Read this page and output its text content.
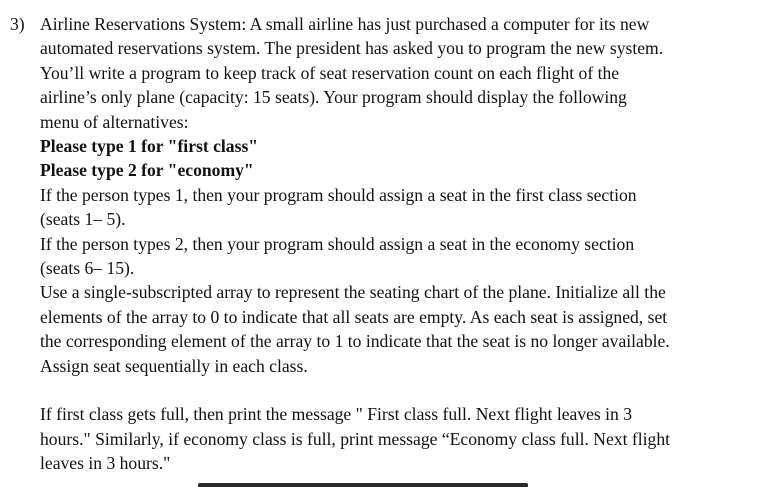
3) Airline Reservations System: A small airline has just purchased a computer for its new
automated reservations system. The president has asked you to program the new system.
You’ll write a program to keep track of seat reservation count on each flight of the
airline’s only plane (capacity: 15 seats). Your program should display the following
menu of alternatives:
Please type 1 for "first class"
Please type 2 for "economy"
If the person types 1, then your program should assign a seat in the first class section
(seats 1– 5).
If the person types 2, then your program should assign a seat in the economy section
(seats 6– 15).
Use a single-subscripted array to represent the seating chart of the plane. Initialize all the
elements of the array to 0 to indicate that all seats are empty. As each seat is assigned, set
the corresponding element of the array to 1 to indicate that the seat is no longer available.
Assign seat sequentially in each class.
If first class gets full, then print the message " First class full. Next flight leaves in 3
hours." Similarly, if economy class is full, print message “Economy class full. Next flight
leaves in 3 hours."
